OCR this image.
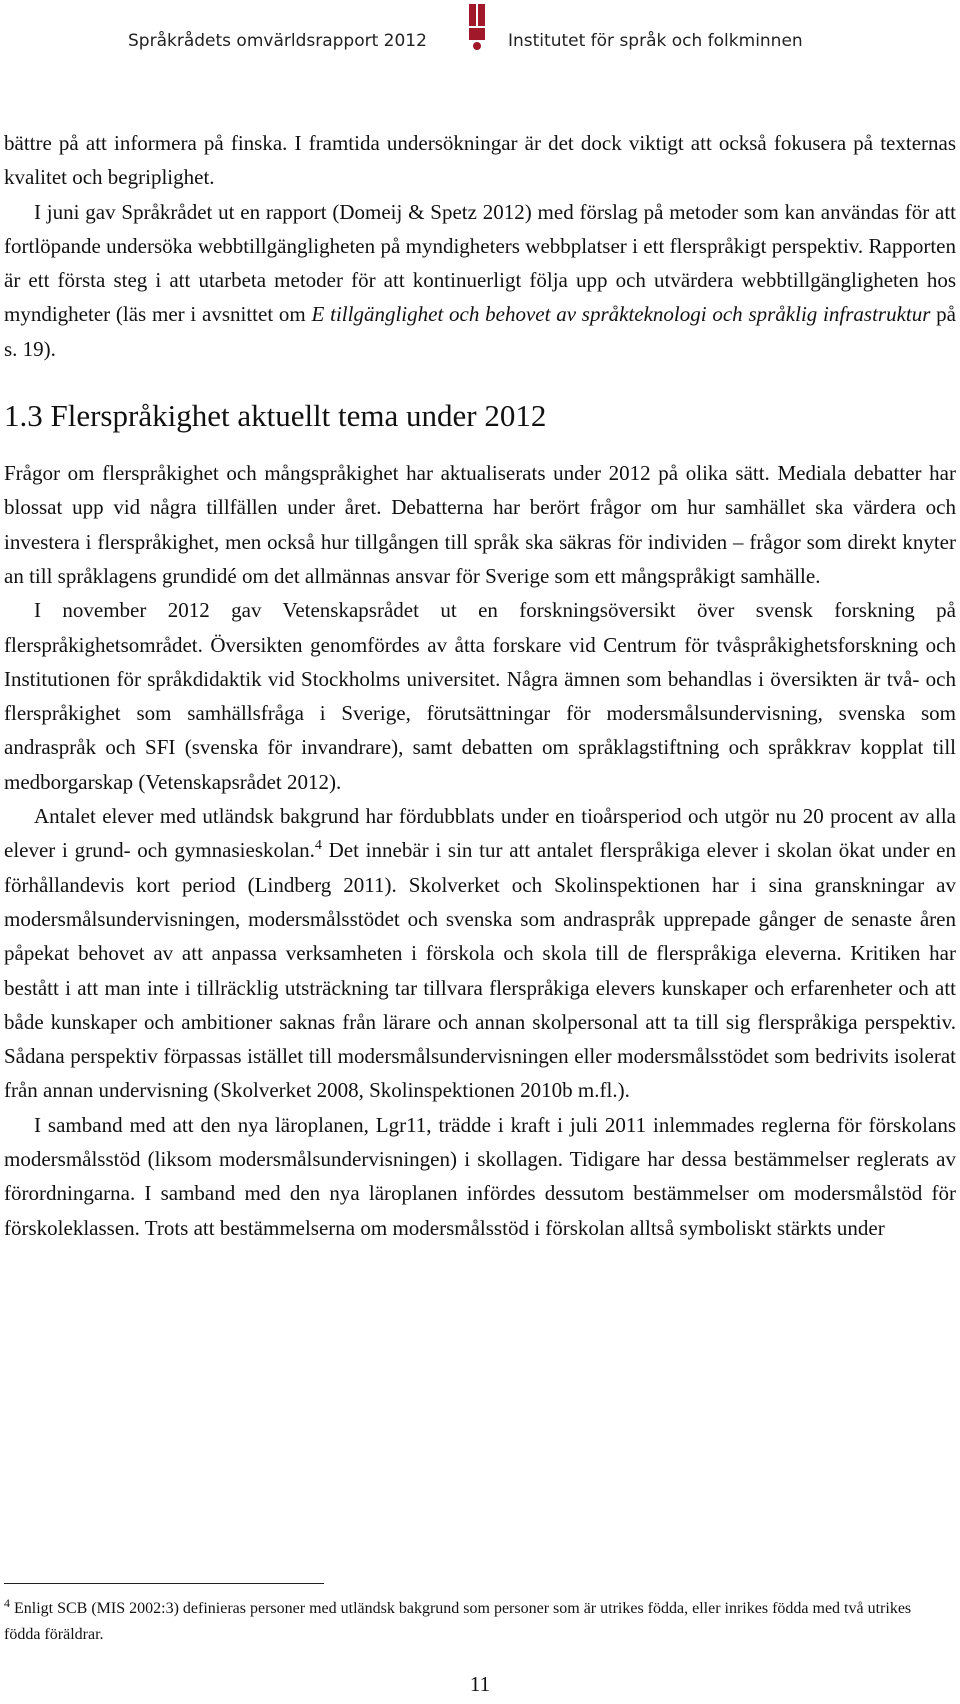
Språkrådets omvärldsrapport 2012	Institutet för språk och folkminnen

bättre på att informera på finska. I framtida undersökningar är det dock viktigt att också fokusera på texternas kvalitet och begriplighet.

I juni gav Språkrådet ut en rapport (Domeij & Spetz 2012) med förslag på metoder som kan användas för att fortlöpande undersöka webbtillgängligheten på myndigheters webbplatser i ett flerspråkigt perspektiv. Rapporten är ett första steg i att utarbeta metoder för att kontinuerligt följa upp och utvärdera webbtillgängligheten hos myndigheter (läs mer i avsnittet om E tillgänglighet och behovet av språkteknologi och språklig infrastruktur på s. 19).

1.3 Flerspråkighet aktuellt tema under 2012

Frågor om flerspråkighet och mångspråkighet har aktualiserats under 2012 på olika sätt. Mediala debatter har blossat upp vid några tillfällen under året. Debatterna har berört frågor om hur samhället ska värdera och investera i flerspråkighet, men också hur tillgången till språk ska säkras för individen – frågor som direkt knyter an till språklagens grundidé om det allmännas ansvar för Sverige som ett mångspråkigt samhälle.

I november 2012 gav Vetenskapsrådet ut en forskningsöversikt över svensk forskning på flerspråkighetsområdet. Översikten genomfördes av åtta forskare vid Centrum för tvåspråkighetsforskning och Institutionen för språkdidaktik vid Stockholms universitet. Några ämnen som behandlas i översikten är två- och flerspråkighet som samhällsfråga i Sverige, förutsättningar för modersmålsundervisning, svenska som andraspråk och SFI (svenska för invandrare), samt debatten om språklagstiftning och språkkrav kopplat till medborgarskap (Vetenskapsrådet 2012).

Antalet elever med utländsk bakgrund har fördubblats under en tioårsperiod och utgör nu 20 procent av alla elever i grund- och gymnasieskolan.$^4$ Det innebär i sin tur att antalet flerspråkiga elever i skolan ökat under en förhållandevis kort period (Lindberg 2011). Skolverket och Skolinspektionen har i sina granskningar av modersmålsundervisningen, modersmålsstödet och svenska som andraspråk upprepade gånger de senaste åren påpekat behovet av att anpassa verksamheten i förskola och skola till de flerspråkiga eleverna. Kritiken har bestått i att man inte i tillräcklig utsträckning tar tillvara flerspråkiga elevers kunskaper och erfarenheter och att både kunskaper och ambitioner saknas från lärare och annan skolpersonal att ta till sig flerspråkiga perspektiv. Sådana perspektiv förpassas istället till modersmålsundervisningen eller modersmålsstödet som bedrivits isolerat från annan undervisning (Skolverket 2008, Skolinspektionen 2010b m.fl.).

I samband med att den nya läroplanen, Lgr11, trädde i kraft i juli 2011 inlemmades reglerna för förskolans modersmålsstöd (liksom modersmålsundervisningen) i skollagen. Tidigare har dessa bestämmelser reglerats av förordningarna. I samband med den nya läroplanen infördes dessutom bestämmelser om modersmålstöd för förskoleklassen. Trots att bestämmelserna om modersmålsstöd i förskolan alltså symboliskt stärkts under

$^4$ Enligt SCB (MIS 2002:3) definieras personer med utländsk bakgrund som personer som är utrikes födda, eller inrikes födda med två utrikes födda föräldrar.
11
